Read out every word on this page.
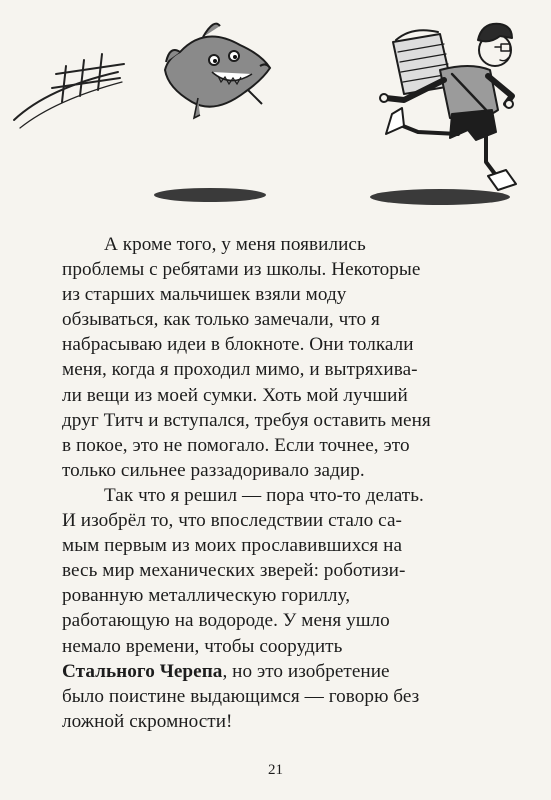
А кроме того, у меня появились
проблемы с ребятами из школы. Некоторые
из старших мальчишек взяли моду
обзываться, как только замечали, что я
набрасываю идеи в блокноте. Они толкали
меня, когда я проходил мимо, и вытряхива-
ли вещи из моей сумки. Хоть мой лучший
друг Титч и вступался, требуя оставить меня
в покое, это не помогало. Если точнее, это
только сильнее раззадоривало задир.
Так что я решил — пора что-то делать.
И изобрёл то, что впоследствии стало са-
мым первым из моих прославившихся на
весь мир механических зверей: роботизи-
рованную металлическую гориллу,
работающую на водороде. У меня ушло
немало времени, чтобы соорудить
Стального Черепа, но это изобретение
было поистине выдающимся — говорю без
ложной скромности!
21
